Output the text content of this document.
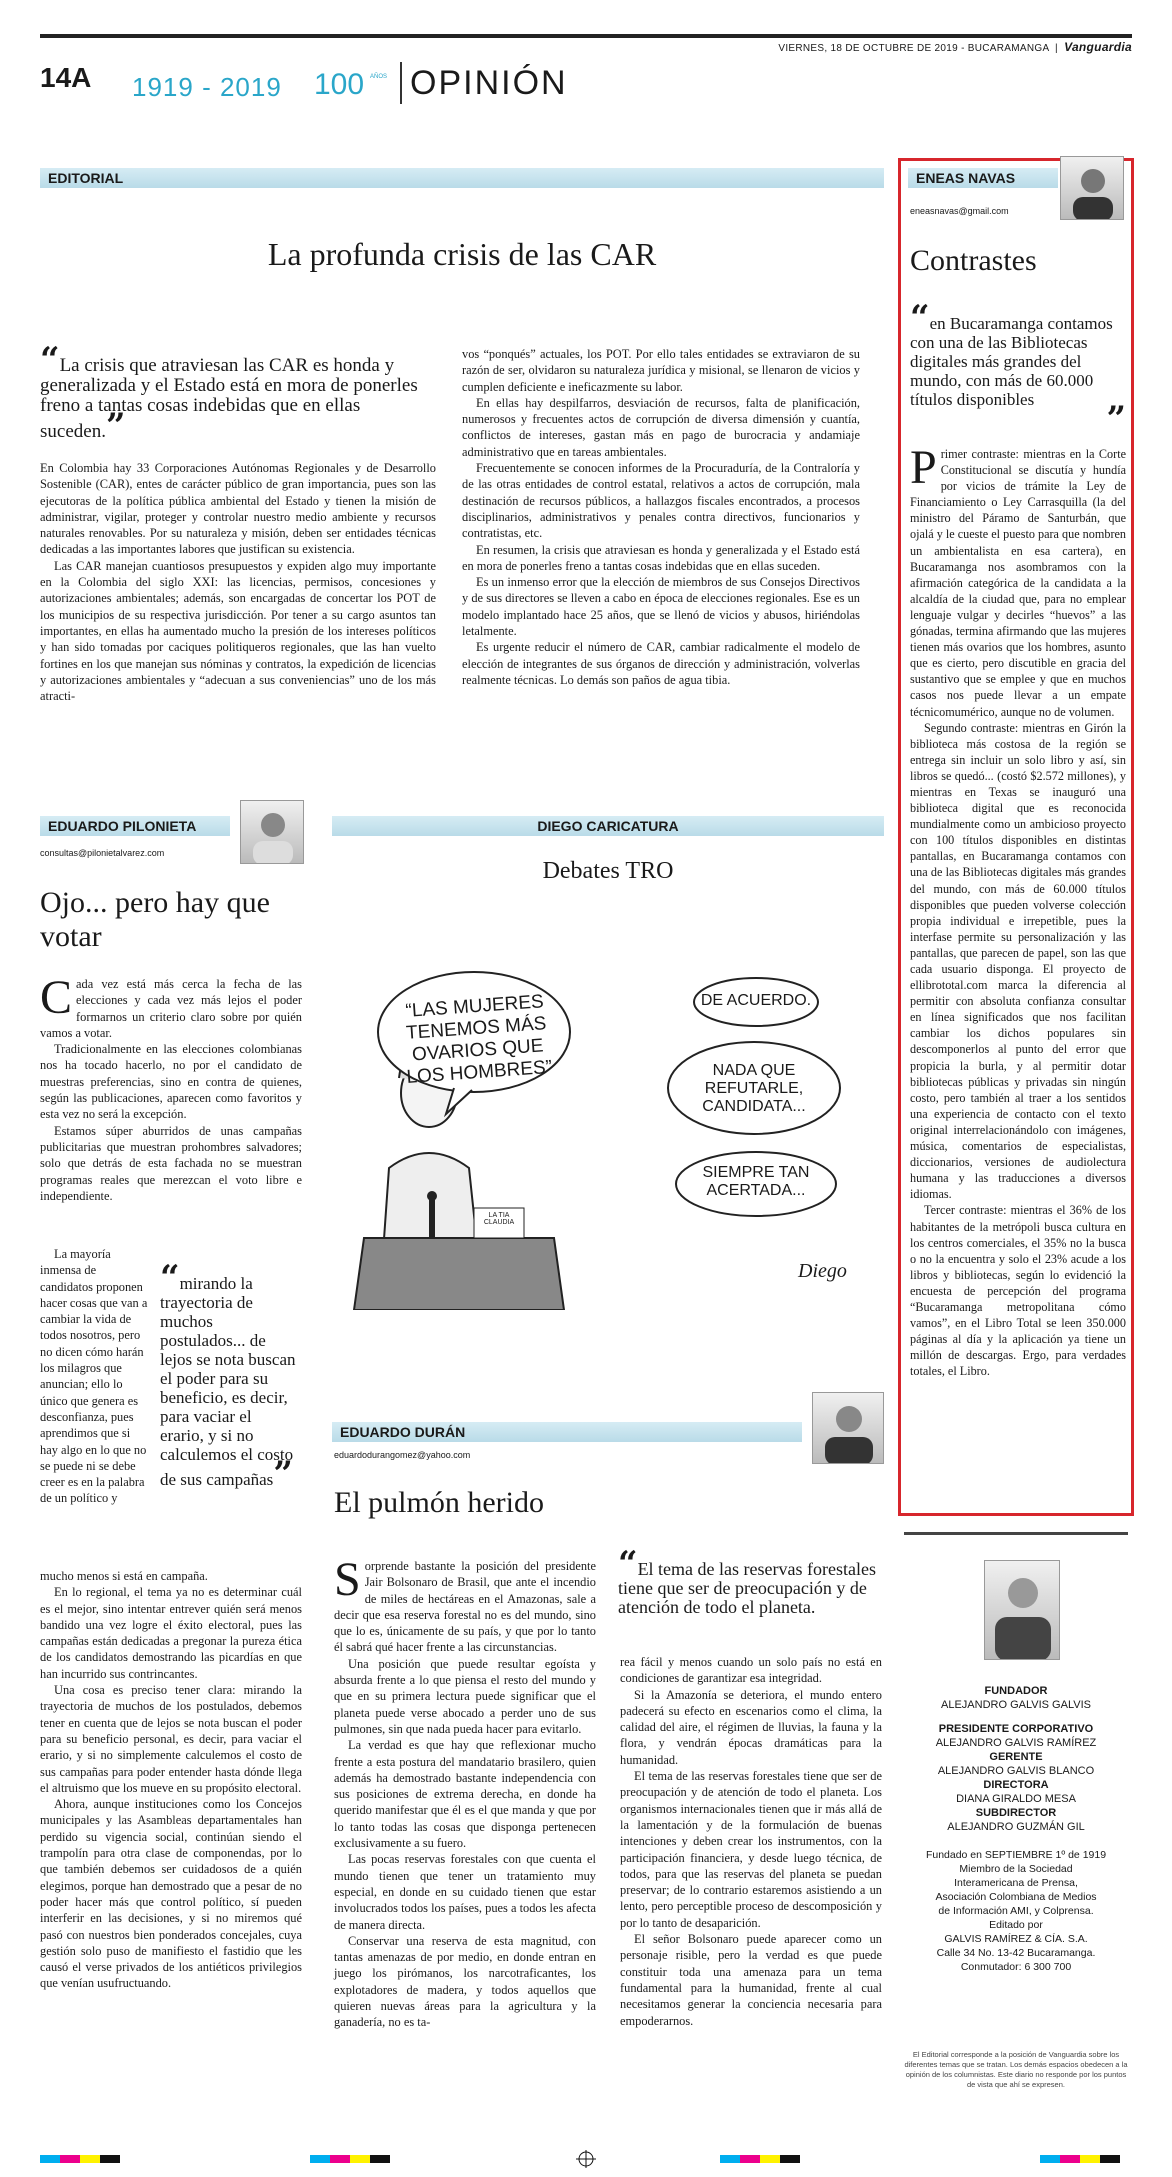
VIERNES, 18 DE OCTUBRE DE 2019 - BUCARAMANGA  |  Vanguardia
14A 1919 - 2019 100 AÑOS OPINIÓN
EDITORIAL
La profunda crisis de las CAR
“La crisis que atraviesan las CAR es honda y generalizada y el Estado está en mora de ponerles freno a tantas cosas indebidas que en ellas suceden.”

En Colombia hay 33 Corporaciones Autónomas Regionales y de Desarrollo Sostenible (CAR), entes de carácter público de gran importancia, pues son las ejecutoras de la política pública ambiental del Estado y tienen la misión de administrar, vigilar, proteger y controlar nuestro medio ambiente y recursos naturales renovables. Por su naturaleza y misión, deben ser entidades técnicas dedicadas a las importantes labores que justifican su existencia.

Las CAR manejan cuantiosos presupuestos y expiden algo muy importante en la Colombia del siglo XXI: las licencias, permisos, concesiones y autorizaciones ambientales; además, son encargadas de concertar los POT de los municipios de su respectiva jurisdicción. Por tener a su cargo asuntos tan importantes, en ellas ha aumentado mucho la presión de los intereses políticos y han sido tomadas por caciques politiqueros regionales, que las han vuelto fortines en los que manejan sus nóminas y contratos, la expedición de licencias y autorizaciones ambientales y “adecuan a sus conveniencias” uno de los más atracti-

vos “ponqués” actuales, los POT. Por ello tales entidades se extraviaron de su razón de ser, olvidaron su naturaleza jurídica y misional, se llenaron de vicios y cumplen deficiente e ineficazmente su labor.

En ellas hay despilfarros, desviación de recursos, falta de planificación, numerosos y frecuentes actos de corrupción de diversa dimensión y cuantía, conflictos de intereses, gastan más en pago de burocracia y andamiaje administrativo que en tareas ambientales.

Frecuentemente se conocen informes de la Procuraduría, de la Contraloría y de las otras entidades de control estatal, relativos a actos de corrupción, mala destinación de recursos públicos, a hallazgos fiscales encontrados, a procesos disciplinarios, administrativos y penales contra directivos, funcionarios y contratistas, etc.

En resumen, la crisis que atraviesan es honda y generalizada y el Estado está en mora de ponerles freno a tantas cosas indebidas que en ellas suceden.

Es un inmenso error que la elección de miembros de sus Consejos Directivos y de sus directores se lleven a cabo en época de elecciones regionales. Ese es un modelo implantado hace 25 años, que se llenó de vicios y abusos, hiriéndolas letalmente.

Es urgente reducir el número de CAR, cambiar radicalmente el modelo de elección de integrantes de sus órganos de dirección y administración, volverlas realmente técnicas. Lo demás son paños de agua tibia.

ENEAS NAVAS
eneasnavas@gmail.com
Contrastes
“en Bucaramanga contamos con una de las Bibliotecas digitales más grandes del mundo, con más de 60.000 títulos disponibles	”

Primer contraste: mientras en la Corte Constitucional se discutía y hundía por vicios de trámite la Ley de Financiamiento o Ley Carrasquilla (la del ministro del Páramo de Santurbán, que ojalá y le cueste el puesto para que nombren un ambientalista en esa cartera), en Bucaramanga nos asombramos con la afirmación categórica de la candidata a la alcaldía de la ciudad que, para no emplear lenguaje vulgar y decirles “huevos” a las gónadas, termina afirmando que las mujeres tienen más ovarios que los hombres, asunto que es cierto, pero discutible en gracia del sustantivo que se emplee y que en muchos casos nos puede llevar a un empate técnicomumérico, aunque no de volumen.

Segundo contraste: mientras en Girón la biblioteca más costosa de la región se entrega sin incluir un solo libro y así, sin libros se quedó... (costó $2.572 millones), y mientras en Texas se inauguró una biblioteca digital que es reconocida mundialmente como un ambicioso proyecto con 100 títulos disponibles en distintas pantallas, en Bucaramanga contamos con una de las Bibliotecas digitales más grandes del mundo, con más de 60.000 títulos disponibles que pueden volverse colección propia individual e irrepetible, pues la interfase permite su personalización y las pantallas, que parecen de papel, son las que cada usuario disponga. El proyecto de ellibrototal.com marca la diferencia al permitir con absoluta confianza consultar en línea significados que nos facilitan cambiar los dichos populares sin descomponerlos al punto del error que propicia la burla, y al permitir dotar bibliotecas públicas y privadas sin ningún costo, pero también al traer a los sentidos una experiencia de contacto con el texto original interrelacionándolo con imágenes, música, comentarios de especialistas, diccionarios, versiones de audiolectura humana y las traducciones a diversos idiomas.

Tercer contraste: mientras el 36% de los habitantes de la metrópoli busca cultura en los centros comerciales, el 35% no la busca o no la encuentra y solo el 23% acude a los libros y bibliotecas, según lo evidenció la encuesta de percepción del programa “Bucaramanga metropolitana cómo vamos”, en el Libro Total se leen 350.000 páginas al día y la aplicación ya tiene un millón de descargas. Ergo, para verdades totales, el Libro.

EDUARDO PILONIETA
consultas@pilonietalvarez.com
Ojo... pero hay que votar

Cada vez está más cerca la fecha de las elecciones y cada vez más lejos el poder formarnos un criterio claro sobre por quién vamos a votar.

Tradicionalmente en las elecciones colombianas nos ha tocado hacerlo, no por el candidato de muestras preferencias, sino en contra de quienes, según las publicaciones, aparecen como favoritos y esta vez no será la excepción.

Estamos súper aburridos de unas campañas publicitarias que muestran prohombres salvadores; solo que detrás de esta fachada no se muestran programas reales que merezcan el voto libre e independiente.

La mayoría inmensa de candidatos proponen hacer cosas que van a cambiar la vida de todos nosotros, pero no dicen cómo harán los milagros que anuncian; ello lo único que genera es desconfianza, pues aprendimos que si hay algo en lo que no se puede ni se debe creer es en la palabra de un político y

“mirando la trayectoria de muchos postulados... de lejos se nota buscan el poder para su beneficio, es decir, para vaciar el erario, y si no calculemos el costo de sus campañas”

mucho menos si está en campaña.

En lo regional, el tema ya no es determinar cuál es el mejor, sino intentar entrever quién será menos bandido una vez logre el éxito electoral, pues las campañas están dedicadas a pregonar la pureza ética de los candidatos demostrando las picardías en que han incurrido sus contrincantes.

Una cosa es preciso tener clara: mirando la trayectoria de muchos de los postulados, debemos tener en cuenta que de lejos se nota buscan el poder para su beneficio personal, es decir, para vaciar el erario, y si no simplemente calculemos el costo de sus campañas para poder entender hasta dónde llega el altruismo que los mueve en su propósito electoral.

Ahora, aunque instituciones como los Concejos municipales y las Asambleas departamentales han perdido su vigencia social, continúan siendo el trampolín para otra clase de componendas, por lo que también debemos ser cuidadosos de a quién elegimos, porque han demostrado que a pesar de no poder hacer más que control político, sí pueden interferir en las decisiones, y si no miremos qué pasó con nuestros bien ponderados concejales, cuya gestión solo puso de manifiesto el fastidio que les causó el verse privados de los antiéticos privilegios que venían usufructuando.

DIEGO CARICATURA
Debates TRO
“LAS MUJERES TENEMOS MÁS OVARIOS QUE LOS HOMBRES”
DE ACUERDO.
NADA QUE REFUTARLE, CANDIDATA...
SIEMPRE TAN ACERTADA...
LA TIA CLAUDIA
Diego
EDUARDO DURÁN
eduardodurangomez@yahoo.com
El pulmón herido

Sorprende bastante la posición del presidente Jair Bolsonaro de Brasil, que ante el incendio de miles de hectáreas en el Amazonas, sale a decir que esa reserva forestal no es del mundo, sino que lo es, únicamente de su país, y que por lo tanto él sabrá qué hacer frente a las circunstancias.

Una posición que puede resultar egoísta y absurda frente a lo que piensa el resto del mundo y que en su primera lectura puede significar que el planeta puede verse abocado a perder uno de sus pulmones, sin que nada pueda hacer para evitarlo.

La verdad es que hay que reflexionar mucho frente a esta postura del mandatario brasilero, quien además ha demostrado bastante independencia con sus posiciones de extrema derecha, en donde ha querido manifestar que él es el que manda y que por lo tanto todas las cosas que disponga pertenecen exclusivamente a su fuero.

Las pocas reservas forestales con que cuenta el mundo tienen que tener un tratamiento muy especial, en donde en su cuidado tienen que estar involucrados todos los países, pues a todos les afecta de manera directa.

Conservar una reserva de esta magnitud, con tantas amenazas de por medio, en donde entran en juego los pirómanos, los narcotraficantes, los explotadores de madera, y todos aquellos que quieren nuevas áreas para la agricultura y la ganadería, no es ta-

“El tema de las reservas forestales tiene que ser de preocupación y de atención de todo el planeta.

rea fácil y menos cuando un solo país no está en condiciones de garantizar esa integridad.

Si la Amazonía se deteriora, el mundo entero padecerá su efecto en escenarios como el clima, la calidad del aire, el régimen de lluvias, la fauna y la flora, y vendrán épocas dramáticas para la humanidad.

El tema de las reservas forestales tiene que ser de preocupación y de atención de todo el planeta. Los organismos internacionales tienen que ir más allá de la lamentación y de la formulación de buenas intenciones y deben crear los instrumentos, con la participación financiera, y desde luego técnica, de todos, para que las reservas del planeta se puedan preservar; de lo contrario estaremos asistiendo a un lento, pero perceptible proceso de descomposición y por lo tanto de desaparición.

El señor Bolsonaro puede aparecer como un personaje risible, pero la verdad es que puede constituir toda una amenaza para un tema fundamental para la humanidad, frente al cual necesitamos generar la conciencia necesaria para empoderarnos.

FUNDADOR
ALEJANDRO GALVIS GALVIS
PRESIDENTE CORPORATIVO
ALEJANDRO GALVIS RAMÍREZ
GERENTE
ALEJANDRO GALVIS BLANCO
DIRECTORA
DIANA GIRALDO MESA
SUBDIRECTOR
ALEJANDRO GUZMÁN GIL
Fundado en SEPTIEMBRE 1º de 1919
Miembro de la Sociedad
Interamericana de Prensa,
Asociación Colombiana de Medios
de Información AMI, y Colprensa.
Editado por
GALVIS RAMÍREZ & CÍA. S.A.
Calle 34 No. 13-42 Bucaramanga.
Conmutador: 6 300 700
El Editorial corresponde a la posición de Vanguardia sobre los diferentes temas que se tratan. Los demás espacios obedecen a la opinión de los columnistas. Este diario no responde por los puntos de vista que ahí se expresen.
